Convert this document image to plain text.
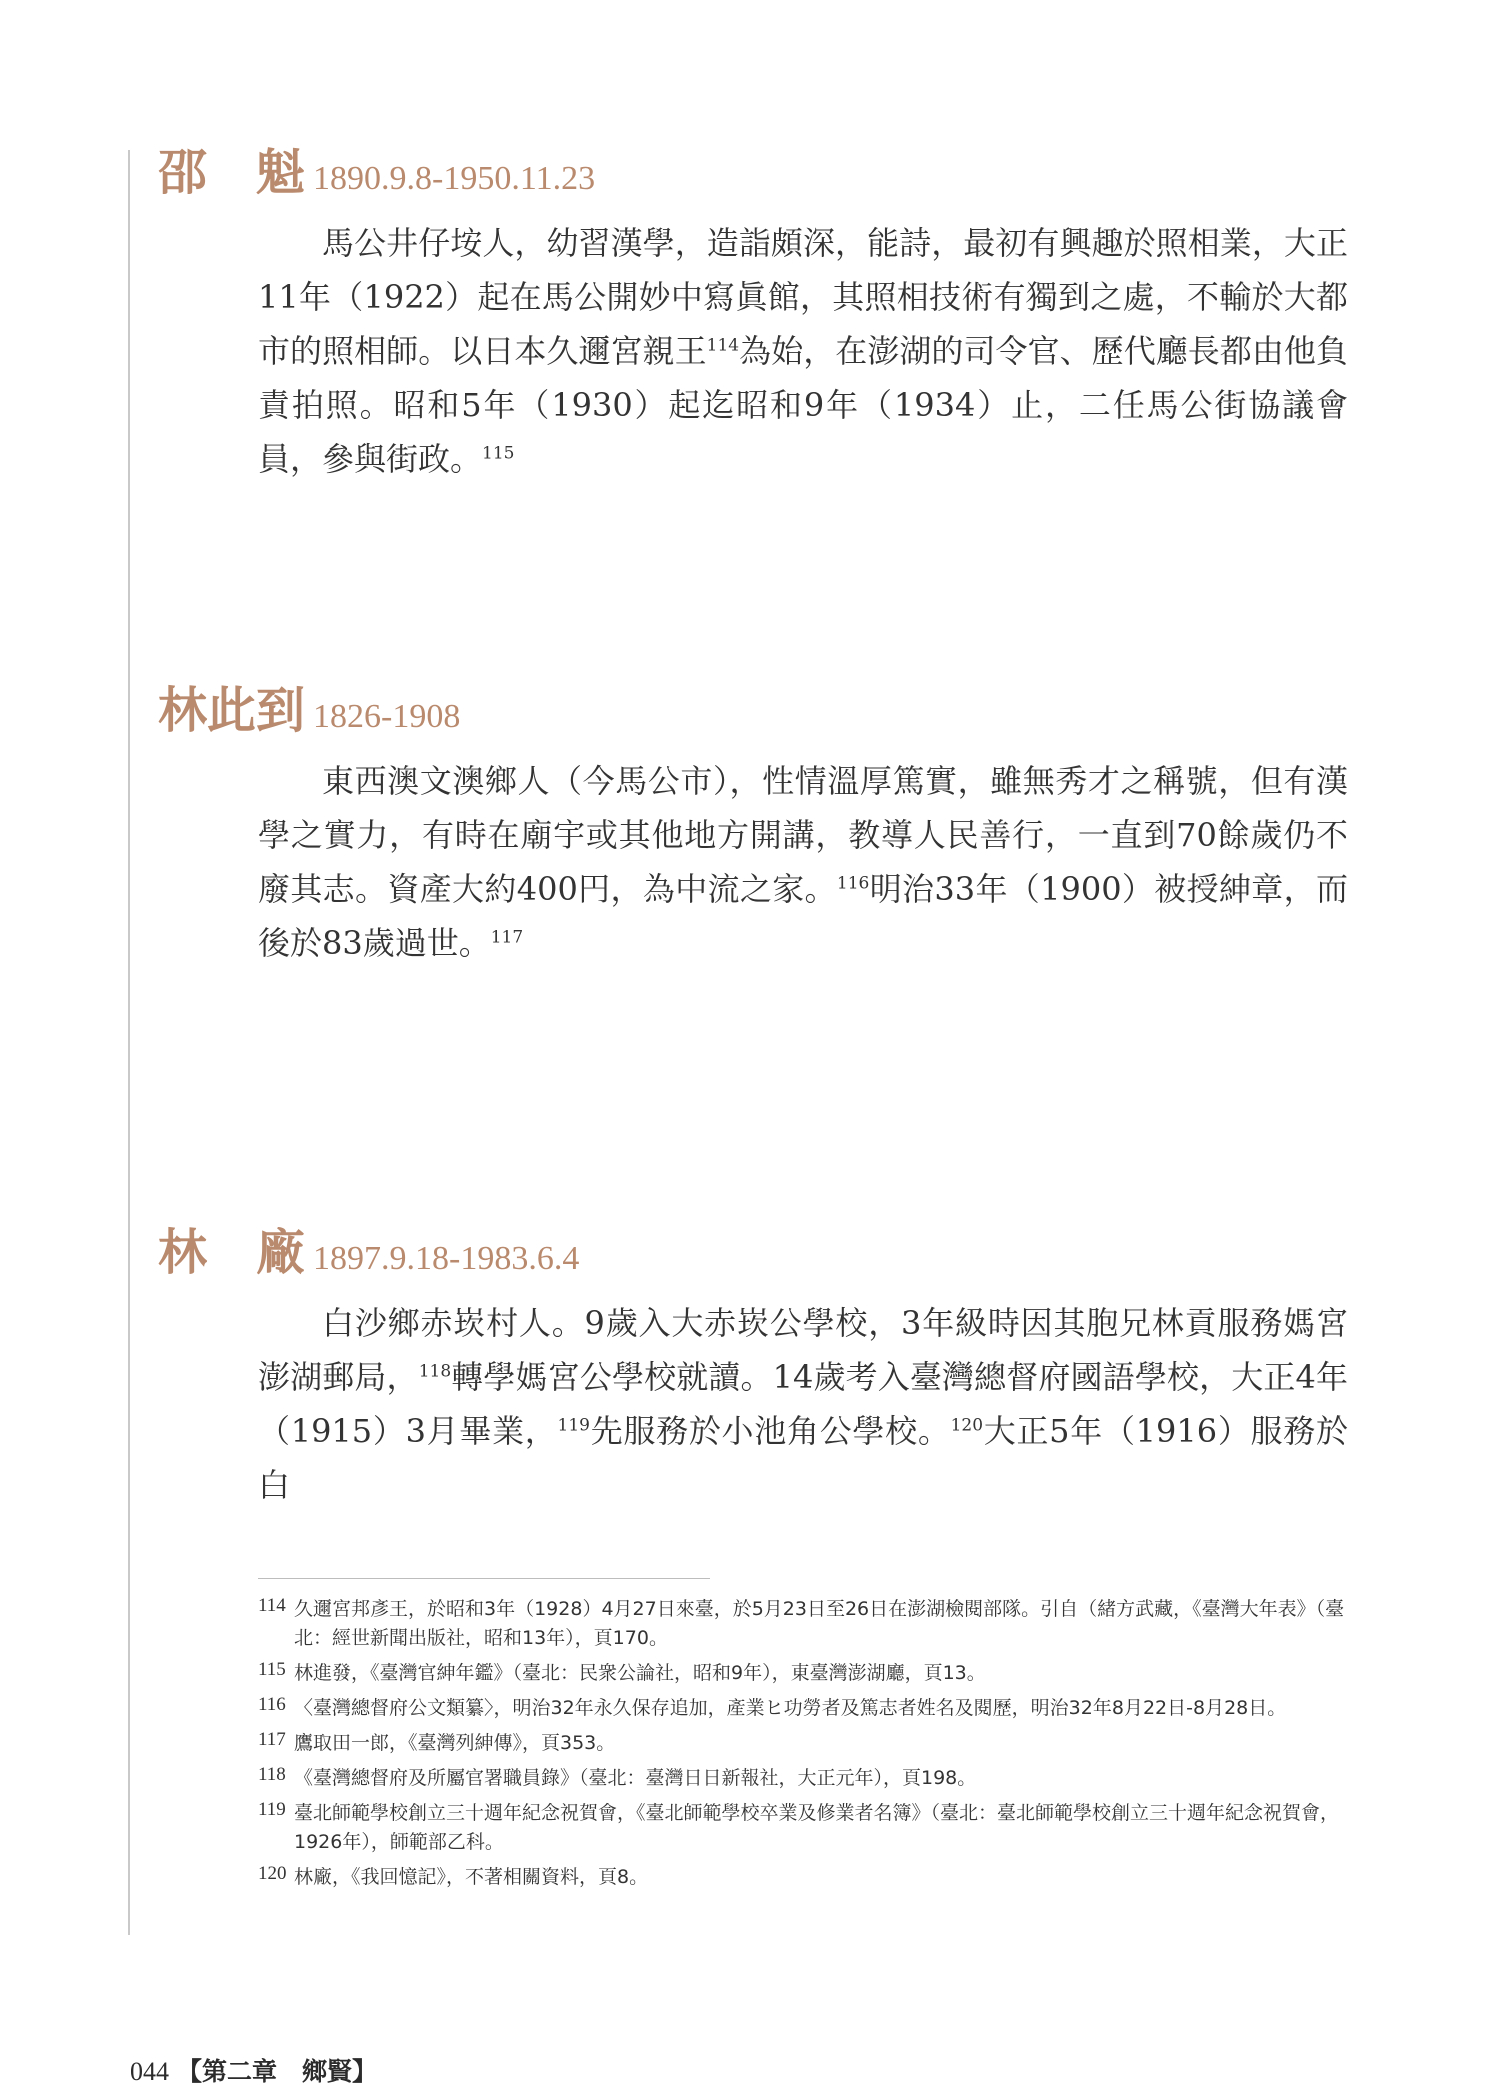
邵　魁 1890.9.8-1950.11.23
馬公井仔垵人，幼習漢學，造詣頗深，能詩，最初有興趣於照相業，大正11年（1922）起在馬公開妙中寫眞館，其照相技術有獨到之處，不輸於大都市的照相師。以日本久邇宮親王$^{114}$為始，在澎湖的司令官、歷代廳長都由他負責拍照。昭和5年（1930）起迄昭和9年（1934）止，二任馬公街協議會員，參與街政。$^{115}$
林此到 1826-1908
東西澳文澳鄉人（今馬公市），性情溫厚篤實，雖無秀才之稱號，但有漢學之實力，有時在廟宇或其他地方開講，教導人民善行，一直到70餘歲仍不廢其志。資產大約400円，為中流之家。$^{116}$明治33年（1900）被授紳章，而後於83歲過世。$^{117}$
林　廠 1897.9.18-1983.6.4
白沙鄉赤崁村人。9歲入大赤崁公學校，3年級時因其胞兄林貢服務媽宮澎湖郵局，$^{118}$轉學媽宮公學校就讀。14歲考入臺灣總督府國語學校，大正4年（1915）3月畢業，$^{119}$先服務於小池角公學校。$^{120}$大正5年（1916）服務於白
114 久邇宮邦彥王，於昭和3年（1928）4月27日來臺，於5月23日至26日在澎湖檢閱部隊。引自（緒方武藏，《臺灣大年表》（臺北：經世新聞出版社，昭和13年），頁170。
115 林進發，《臺灣官紳年鑑》（臺北：民衆公論社，昭和9年），東臺灣澎湖廳，頁13。
116 〈臺灣總督府公文類纂〉，明治32年永久保存追加，產業ヒ功勞者及篤志者姓名及閱歷，明治32年8月22日-8月28日。
117 鷹取田一郎，《臺灣列紳傳》，頁353。
118 《臺灣總督府及所屬官署職員錄》（臺北：臺灣日日新報社，大正元年），頁198。
119 臺北師範學校創立三十週年紀念祝賀會，《臺北師範學校卒業及修業者名簿》（臺北：臺北師範學校創立三十週年紀念祝賀會，1926年），師範部乙科。
120 林廠，《我回憶記》，不著相關資料，頁8。
044 【第二章　鄉賢】
